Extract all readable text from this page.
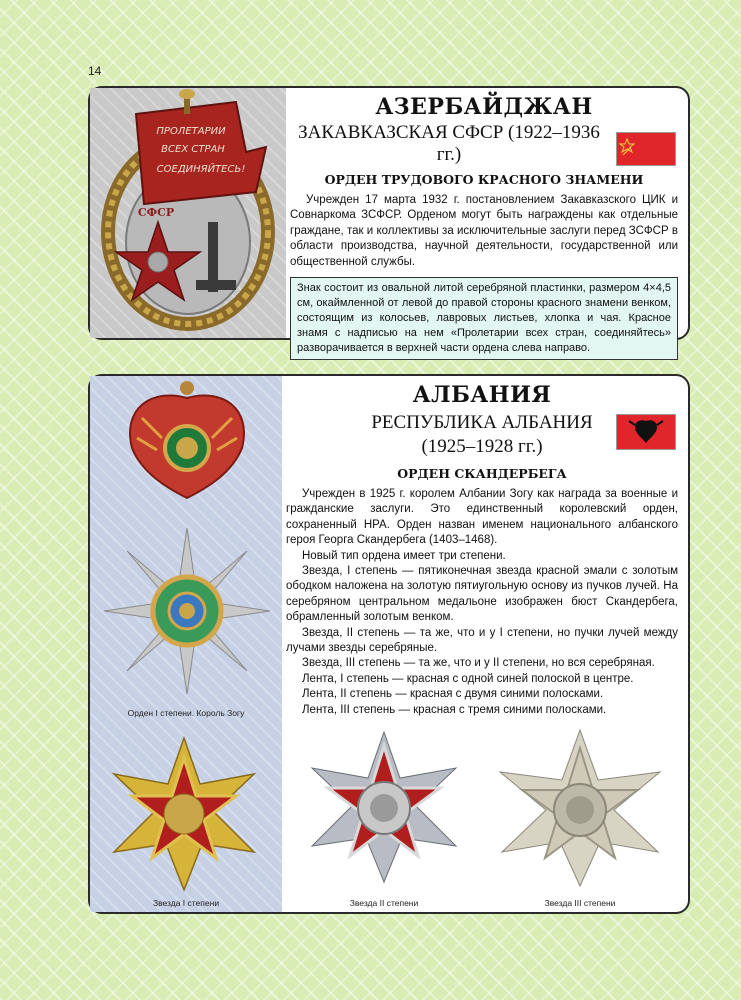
14
ПРОЛЕТАРИИ
ВСЕХ СТРАН
СОЕДИНЯЙТЕСЬ!
СФСР
АЗЕРБАЙДЖАН
ЗАКАВКАЗСКАЯ СФСР (1922–1936 гг.)
ОРДЕН ТРУДОВОГО КРАСНОГО ЗНАМЕНИ

Учрежден 17 марта 1932 г. постановлением Закавказского ЦИК и Совнаркома ЗСФСР. Орденом могут быть награждены как отдельные граждане, так и коллективы за исключительные заслуги перед ЗСФСР в области производства, научной деятельности, государственной или общественной службы.

Знак состоит из овальной литой серебряной пластинки, размером 4×4,5 см, окаймленной от левой до правой стороны красного знамени венком, состоящим из колосьев, лавровых листьев, хлопка и чая. Красное знамя с надписью на нем «Пролетарии всех стран, соединяйтесь» разворачивается в верхней части ордена слева направо.

Орден I степени. Король Зогу
Звезда I степени
АЛБАНИЯ
РЕСПУБЛИКА АЛБАНИЯ
(1925–1928 гг.)
ОРДЕН СКАНДЕРБЕГА

Учрежден в 1925 г. королем Албании Зогу как награда за военные и гражданские заслуги. Это единственный королевский орден, сохраненный НРА. Орден назван именем национального албанского героя Георга Скандербега (1403–1468).

Новый тип ордена имеет три степени.

Звезда, I степень — пятиконечная звезда красной эмали с золотым ободком наложена на золотую пятиугольную основу из пучков лучей. На серебряном центральном медальоне изображен бюст Скандербега, обрамленный золотым венком.

Звезда, II степень — та же, что и у I степени, но пучки лучей между лучами звезды серебряные.

Звезда, III степень — та же, что и у II степени, но вся серебряная.

Лента, I степень — красная с одной синей полоской в центре.

Лента, II степень — красная с двумя синими полосками.

Лента, III степень — красная с тремя синими полосками.

Звезда II степени	Звезда III степени
